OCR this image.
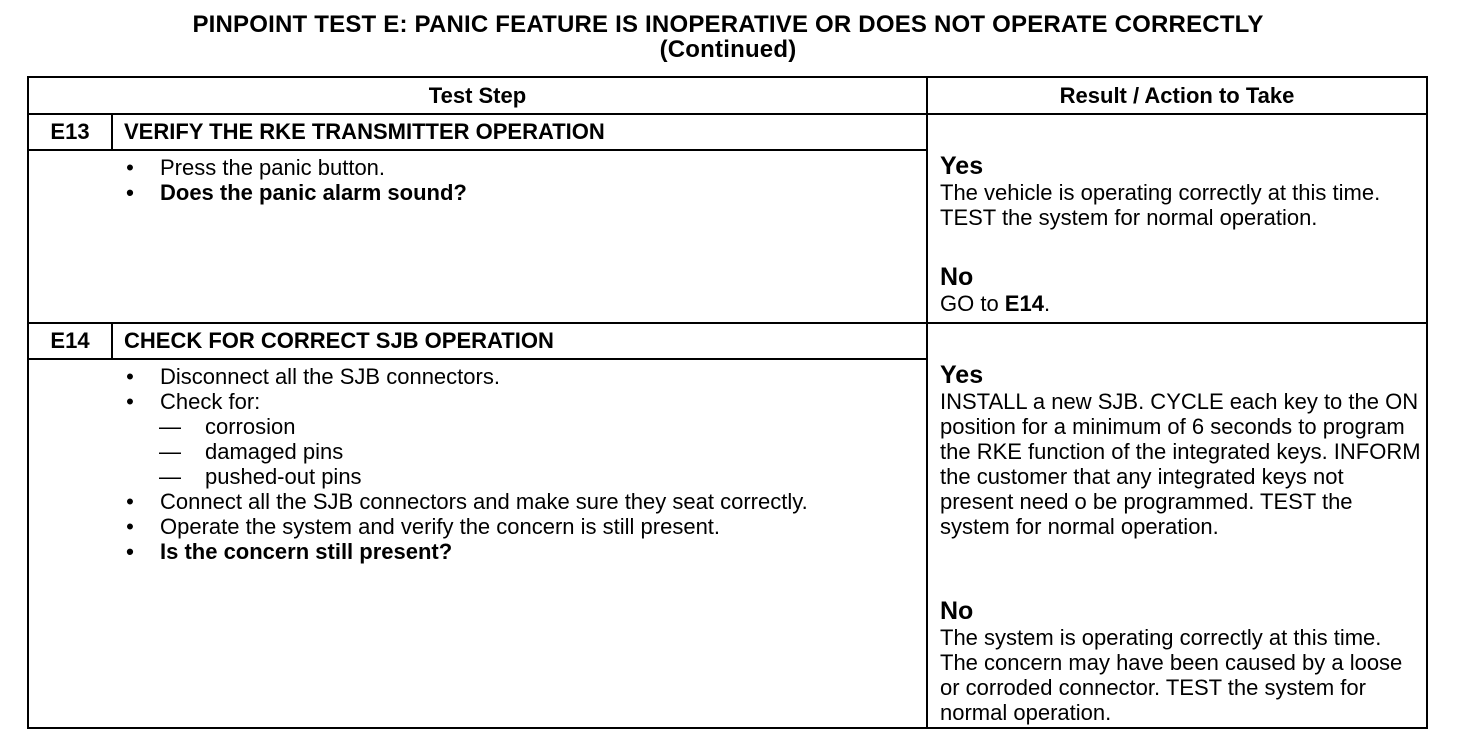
PINPOINT TEST E: PANIC FEATURE IS INOPERATIVE OR DOES NOT OPERATE CORRECTLY
(Continued)
Test Step	Result / Action to Take
E13	VERIFY THE RKE TRANSMITTER OPERATION
• Press the panic button.
• Does the panic alarm sound?
Yes
The vehicle is operating correctly at this time. TEST the system for normal operation.
No
GO to E14.
E14	CHECK FOR CORRECT SJB OPERATION
• Disconnect all the SJB connectors.
• Check for:
— corrosion
— damaged pins
— pushed-out pins
• Connect all the SJB connectors and make sure they seat correctly.
• Operate the system and verify the concern is still present.
• Is the concern still present?
Yes
INSTALL a new SJB. CYCLE each key to the ON position for a minimum of 6 seconds to program the RKE function of the integrated keys. INFORM the customer that any integrated keys not present need o be programmed. TEST the system for normal operation.
No
The system is operating correctly at this time. The concern may have been caused by a loose or corroded connector. TEST the system for normal operation.
